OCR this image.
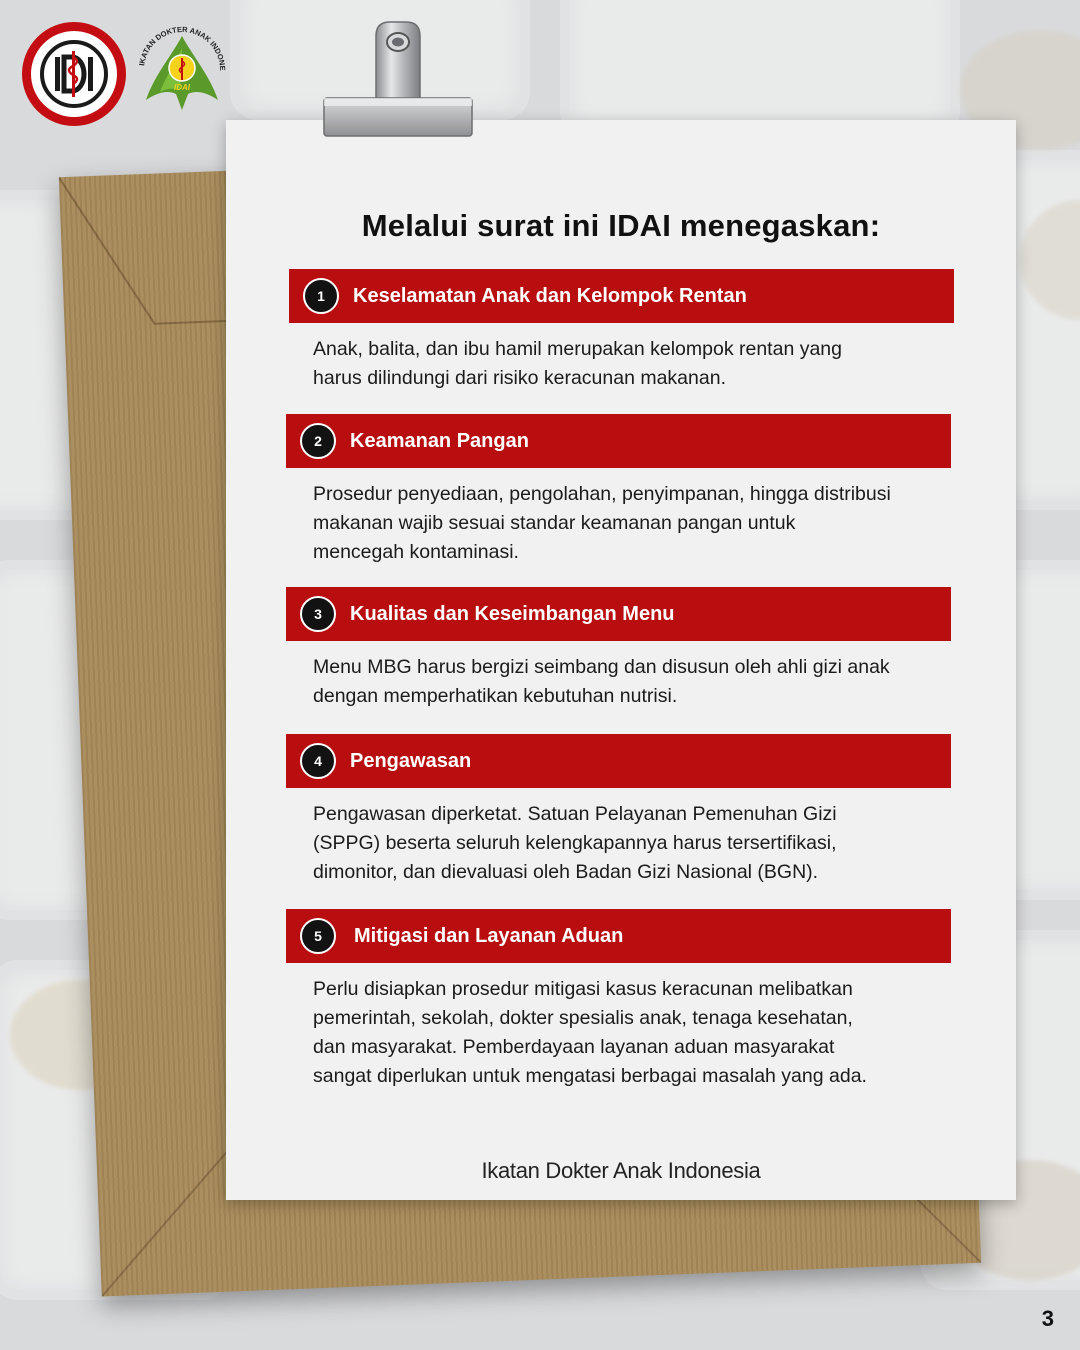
IKATAN DOKTER ANAK INDONE
IDAI
Melalui surat ini IDAI menegaskan:
1	Keselamatan Anak dan Kelompok Rentan
Anak, balita, dan ibu hamil merupakan kelompok rentan yang
harus dilindungi dari risiko keracunan makanan.
2	Keamanan Pangan
Prosedur penyediaan, pengolahan, penyimpanan, hingga distribusi
makanan wajib sesuai standar keamanan pangan untuk
mencegah kontaminasi.
3	Kualitas dan Keseimbangan Menu
Menu MBG harus bergizi seimbang dan disusun oleh ahli gizi anak
dengan memperhatikan kebutuhan nutrisi.
4	Pengawasan
Pengawasan diperketat. Satuan Pelayanan Pemenuhan Gizi
(SPPG) beserta seluruh kelengkapannya harus tersertifikasi,
dimonitor, dan dievaluasi oleh Badan Gizi Nasional (BGN).
5	Mitigasi dan Layanan Aduan
Perlu disiapkan prosedur mitigasi kasus keracunan melibatkan
pemerintah, sekolah, dokter spesialis anak, tenaga kesehatan,
dan masyarakat. Pemberdayaan layanan aduan masyarakat
sangat diperlukan untuk mengatasi berbagai masalah yang ada.
Ikatan Dokter Anak Indonesia
3
